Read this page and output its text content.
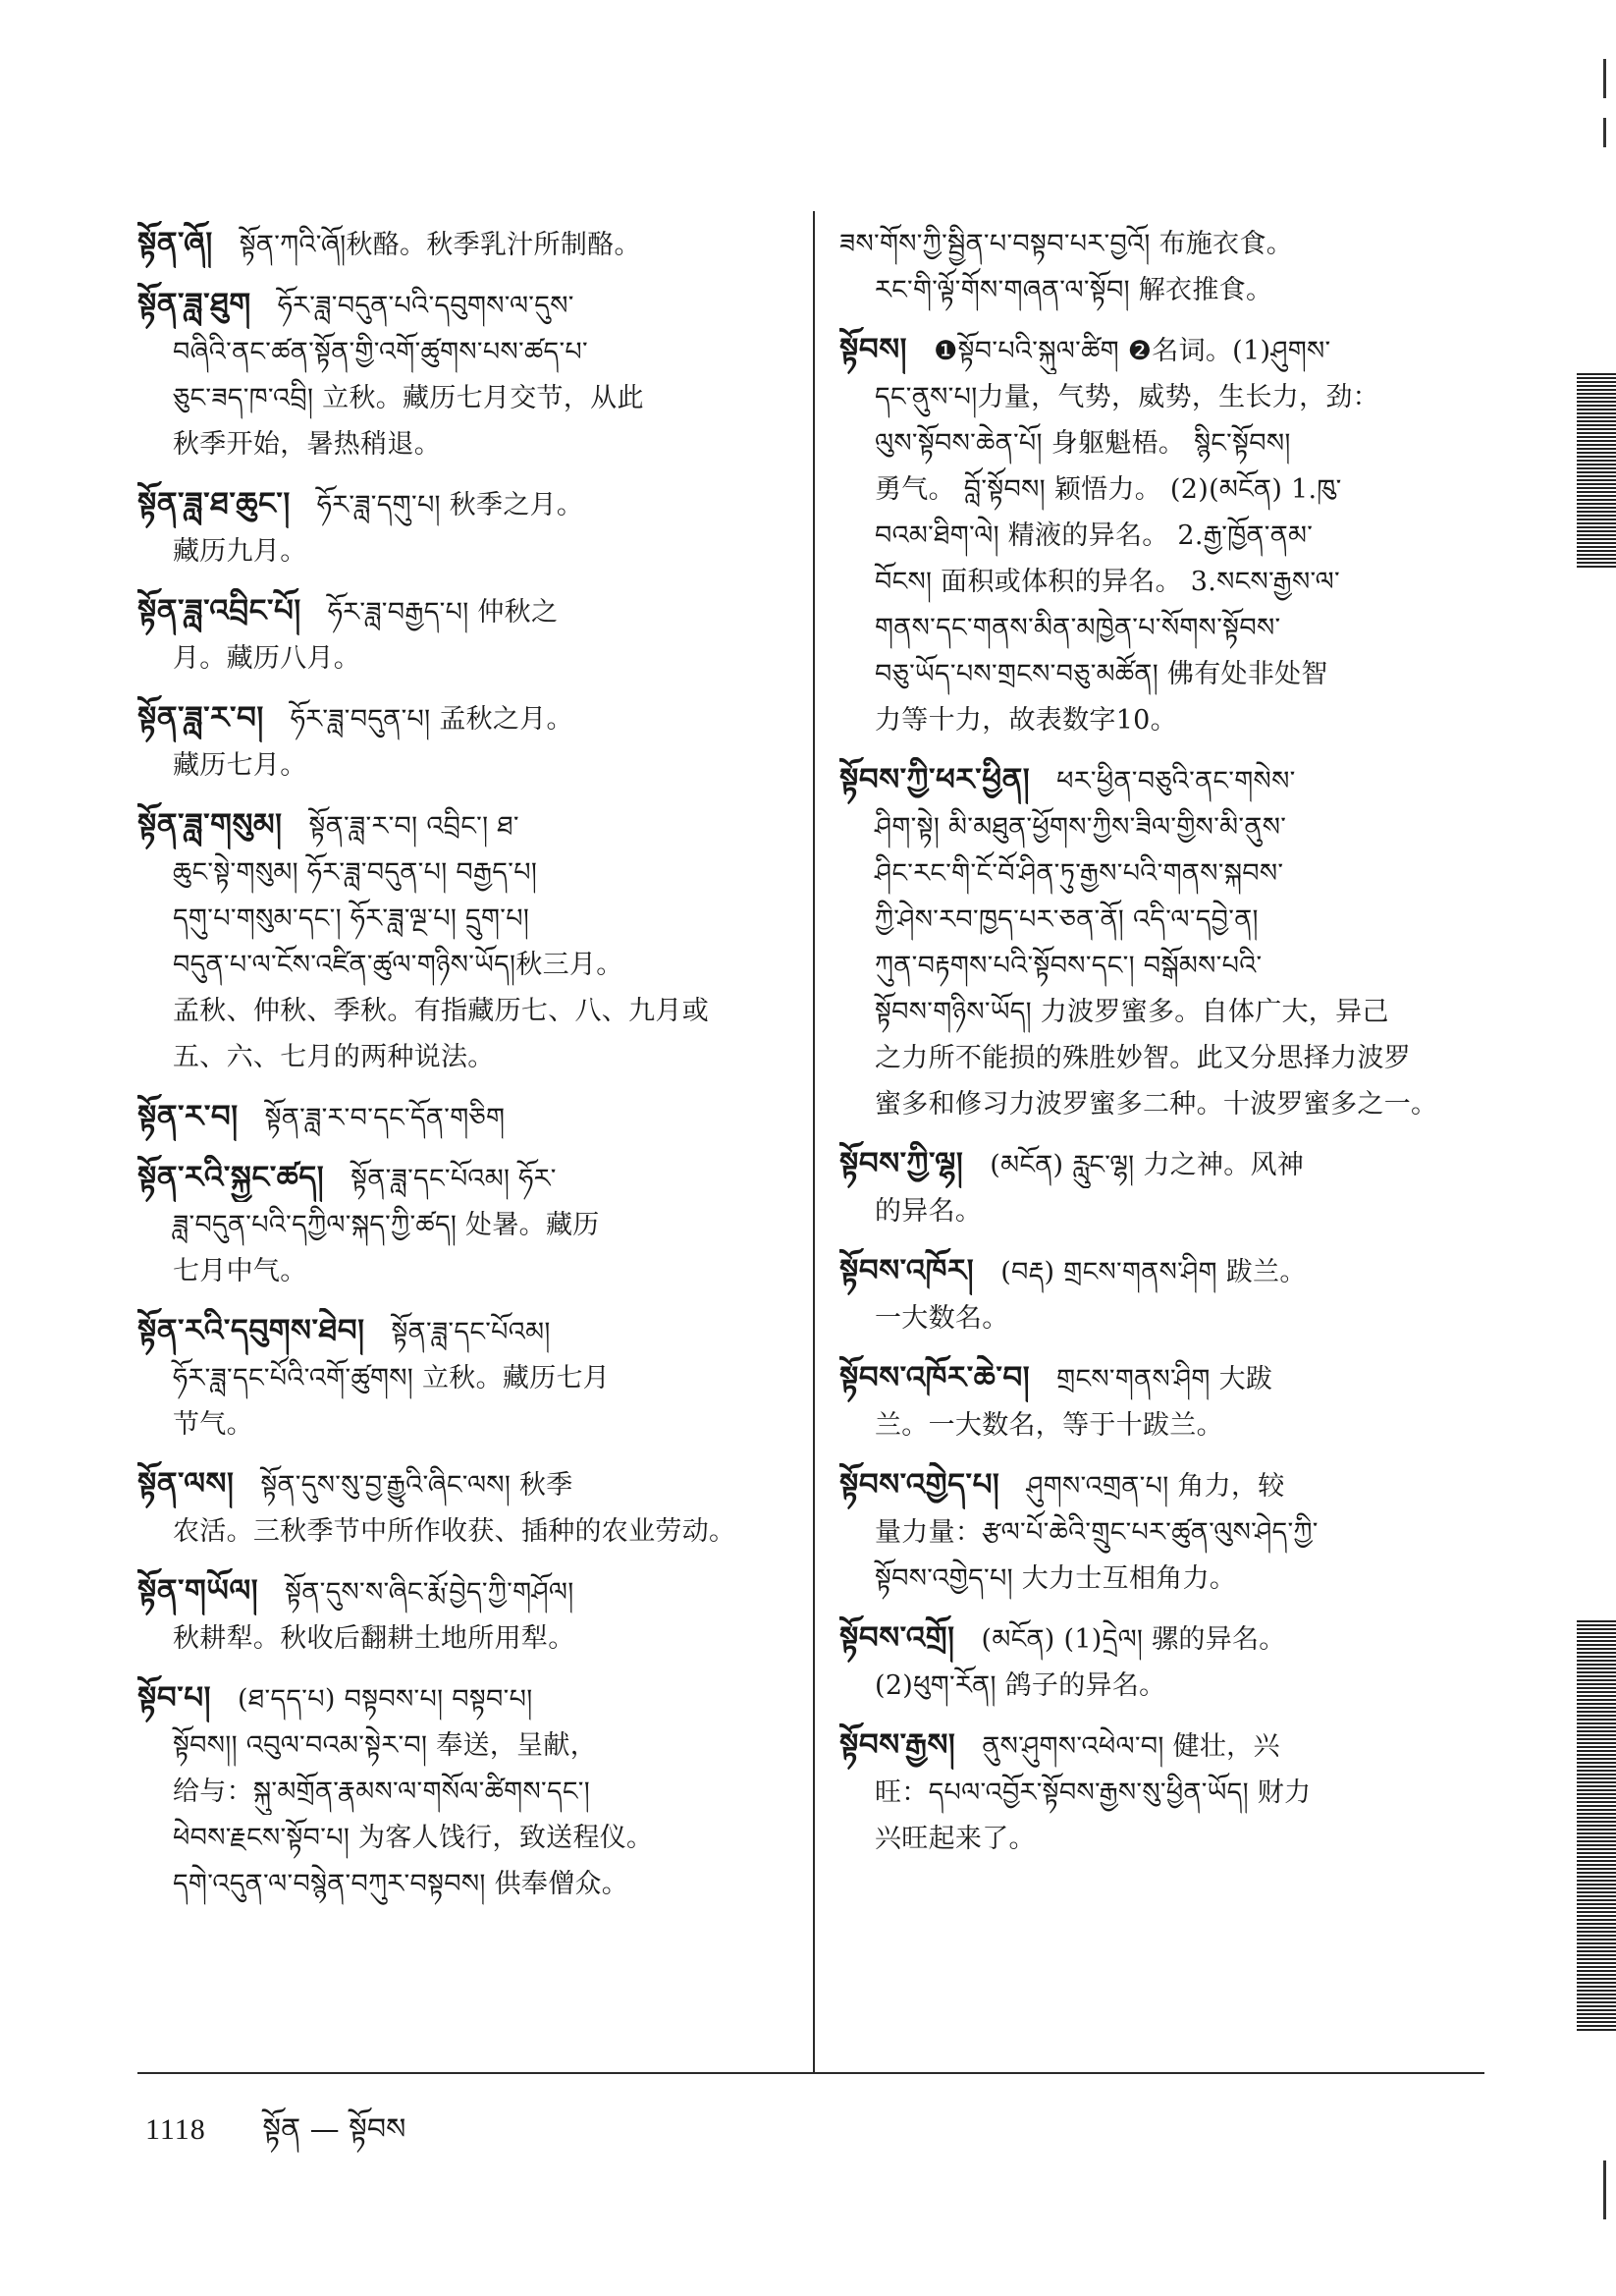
སྟོན་ཞོ།  སྟོན་ཀའི་ཞོ།秋酪。秋季乳汁所制酪。
སྟོན་ཟླ་ཐུག  ཧོར་ཟླ་བདུན་པའི་དབུགས་ལ་དུས་
བཞིའི་ནང་ཚན་སྟོན་གྱི་འགོ་ཚུགས་པས་ཚད་པ་
ཅུང་ཟད་ཁ་འབྲི། 立秋。藏历七月交节，从此
秋季开始，暑热稍退。
སྟོན་ཟླ་ཐ་ཆུང་།  ཧོར་ཟླ་དགུ་པ། 秋季之月。
藏历九月。
སྟོན་ཟླ་འབྲིང་པོ།  ཧོར་ཟླ་བརྒྱད་པ། 仲秋之
月。藏历八月。
སྟོན་ཟླ་ར་བ།  ཧོར་ཟླ་བདུན་པ། 孟秋之月。
藏历七月。
སྟོན་ཟླ་གསུམ།  སྟོན་ཟླ་ར་བ། འབྲིང་། ཐ་
ཆུང་སྟེ་གསུམ། ཧོར་ཟླ་བདུན་པ། བརྒྱད་པ།
དགུ་པ་གསུམ་དང་། ཧོར་ཟླ་ལྔ་པ། དྲུག་པ།
བདུན་པ་ལ་ངོས་འཛིན་ཚུལ་གཉིས་ཡོད།秋三月。
孟秋、仲秋、季秋。有指藏历七、八、九月或
五、六、七月的两种说法。
སྟོན་ར་བ།  སྟོན་ཟླ་ར་བ་དང་དོན་གཅིག
སྟོན་རའི་སྐྱང་ཚད།  སྟོན་ཟླ་དང་པོའམ། ཧོར་
ཟླ་བདུན་པའི་དཀྱིལ་སྐད་ཀྱི་ཚད། 处暑。藏历
七月中气。
སྟོན་རའི་དབུགས་ཐེབ།  སྟོན་ཟླ་དང་པོའམ།
ཧོར་ཟླ་དང་པོའི་འགོ་ཚུགས། 立秋。藏历七月
节气。
སྟོན་ལས།  སྟོན་དུས་སུ་བྱ་རྒྱུའི་ཞིང་ལས། 秋季
农活。三秋季节中所作收获、插种的农业劳动。
སྟོན་གཡོལ།  སྟོན་དུས་ས་ཞིང་རྨོ་བྱེད་ཀྱི་གཤོལ།
秋耕犁。秋收后翻耕土地所用犁。
སྟོབ་པ།  (ཐ་དད་པ) བསྟབས་པ། བསྟབ་པ།
སྟོབས།། འབུལ་བའམ་སྟེར་བ། 奉送，呈献，
给与：སྐུ་མགྲོན་རྣམས་ལ་གསོལ་ཚིགས་དང་།
ཕེབས་རྗངས་སྟོབ་པ། 为客人饯行，致送程仪。
དགེ་འདུན་ལ་བསྙེན་བཀུར་བསྟབས། 供奉僧众。
ཟས་གོས་ཀྱི་སྦྱིན་པ་བསྟབ་པར་བྱའོ། 布施衣食。
རང་གི་ལྟོ་གོས་གཞན་ལ་སྟོབ། 解衣推食。
སྟོབས།  ❶སྟོབ་པའི་སྐུལ་ཚིག ❷名词。(1)ཤུགས་
དང་ནུས་པ།力量，气势，威势，生长力，劲：
ལུས་སྟོབས་ཆེན་པོ། 身躯魁梧。 སྙིང་སྟོབས།
勇气。 བློ་སྟོབས། 颖悟力。 (2)(མངོན) 1.ཁུ་
བའམ་ཐིག་ལེ། 精液的异名。 2.རྒྱ་ཁྱོན་ནམ་
བོངས། 面积或体积的异名。 3.སངས་རྒྱས་ལ་
གནས་དང་གནས་མིན་མཁྱེན་པ་སོགས་སྟོབས་
བཅུ་ཡོད་པས་གྲངས་བཅུ་མཚོན། 佛有处非处智
力等十力，故表数字10。
སྟོབས་ཀྱི་ཕར་ཕྱིན།  ཕར་ཕྱིན་བཅུའི་ནང་གསེས་
ཤིག་སྟེ། མི་མཐུན་ཕྱོགས་ཀྱིས་ཟིལ་གྱིས་མི་ནུས་
ཤིང་རང་གི་ངོ་བོ་ཤིན་ཏུ་རྒྱས་པའི་གནས་སྐབས་
ཀྱི་ཤེས་རབ་ཁྱད་པར་ཅན་ནོ། འདི་ལ་དབྱེ་ན།
ཀུན་བརྟགས་པའི་སྟོབས་དང་། བསྒོམས་པའི་
སྟོབས་གཉིས་ཡོད། 力波罗蜜多。自体广大，异己
之力所不能损的殊胜妙智。此又分思择力波罗
蜜多和修习力波罗蜜多二种。十波罗蜜多之一。
སྟོབས་ཀྱི་ལྷ།  (མངོན) རླུང་ལྷ། 力之神。风神
的异名。
སྟོབས་འཁོར།  (བརྡ) གྲངས་གནས་ཤིག 跋兰。
一大数名。
སྟོབས་འཁོར་ཆེ་བ།  གྲངས་གནས་ཤིག 大跋
兰。一大数名，等于十跋兰。
སྟོབས་འགྱེད་པ།  ཤུགས་འགྲན་པ། 角力，较
量力量：རྩལ་པོ་ཆེའི་གྲུང་པར་ཚུན་ལུས་ཤེད་ཀྱི་
སྟོབས་འགྱེད་པ། 大力士互相角力。
སྟོབས་འགྲོ།  (མངོན) (1)དྲེལ། 骡的异名。
(2)ཕུག་རོན། 鸽子的异名。
སྟོབས་རྒྱས།  ནུས་ཤུགས་འཕེལ་བ། 健壮，兴
旺：དཔལ་འབྱོར་སྟོབས་རྒྱས་སུ་ཕྱིན་ཡོད། 财力
兴旺起来了。
1118 སྟོན — སྟོབས
